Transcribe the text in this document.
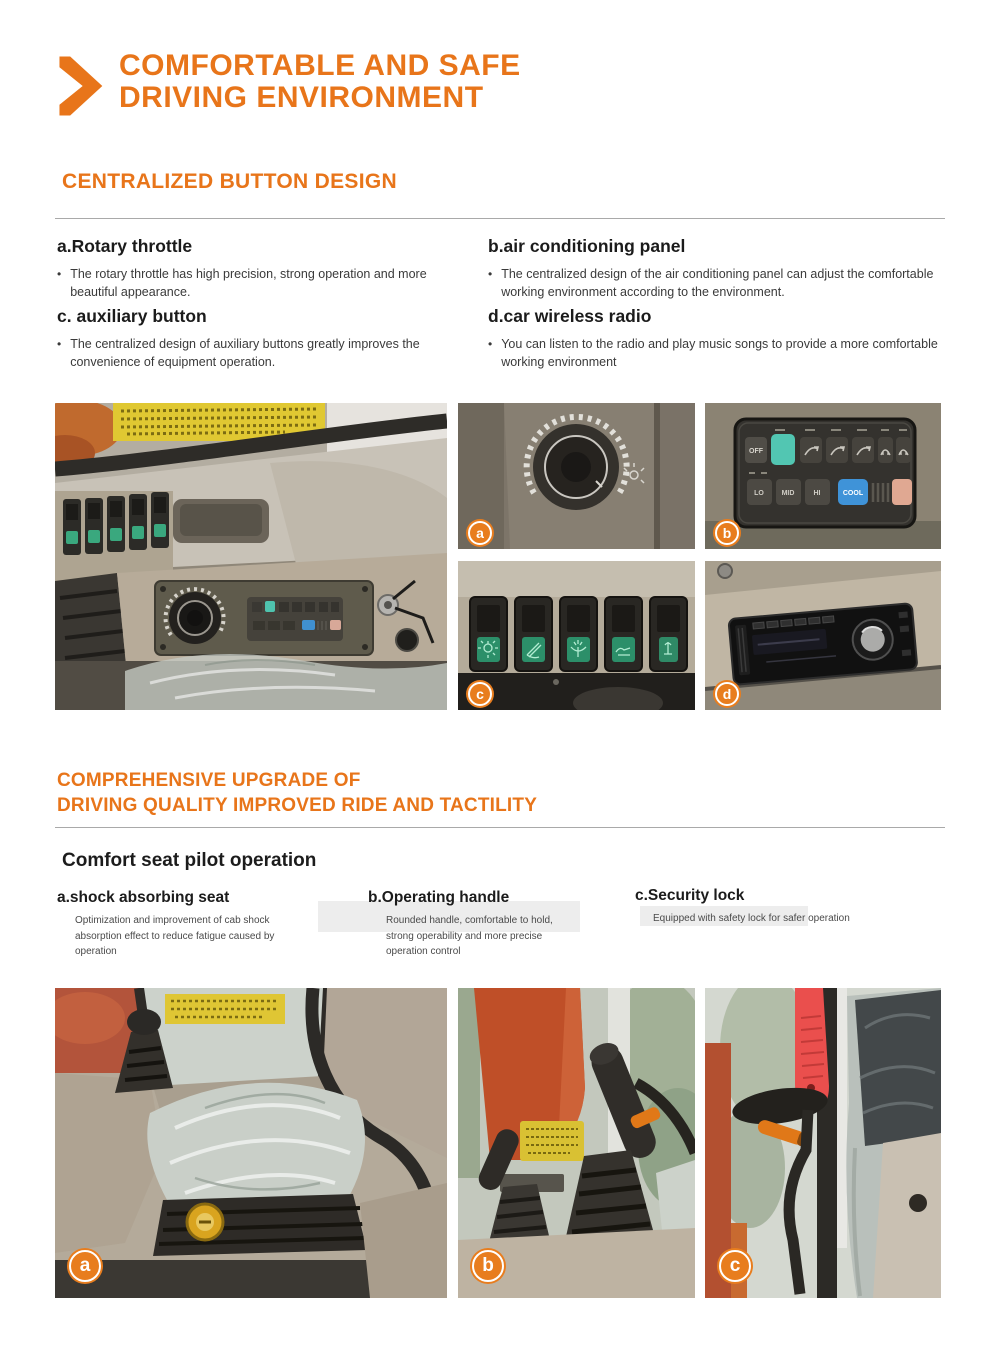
COMFORTABLE AND SAFE
DRIVING ENVIRONMENT
CENTRALIZED BUTTON DESIGN
a.Rotary throttle
• The rotary throttle has high precision, strong operation and more beautiful appearance.
b.air conditioning panel
• The centralized design of the air conditioning panel can adjust the comfortable working environment according to the environment.
c. auxiliary button
• The centralized design of auxiliary buttons greatly improves the convenience of equipment operation.
d.car wireless radio
• You can listen to the radio and play music songs to provide a more comfortable working environment
a
OFF
LO	MID	HI	COOL
b
c	d
COMPREHENSIVE UPGRADE OF
DRIVING QUALITY IMPROVED RIDE AND TACTILITY
Comfort seat pilot operation
a.shock absorbing seat
Optimization and improvement of cab shock absorption effect to reduce fatigue caused by operation
b.Operating handle
Rounded handle, comfortable to hold, strong operability and more precise operation control
c.Security lock
Equipped with safety lock for safer operation
a	b	c
